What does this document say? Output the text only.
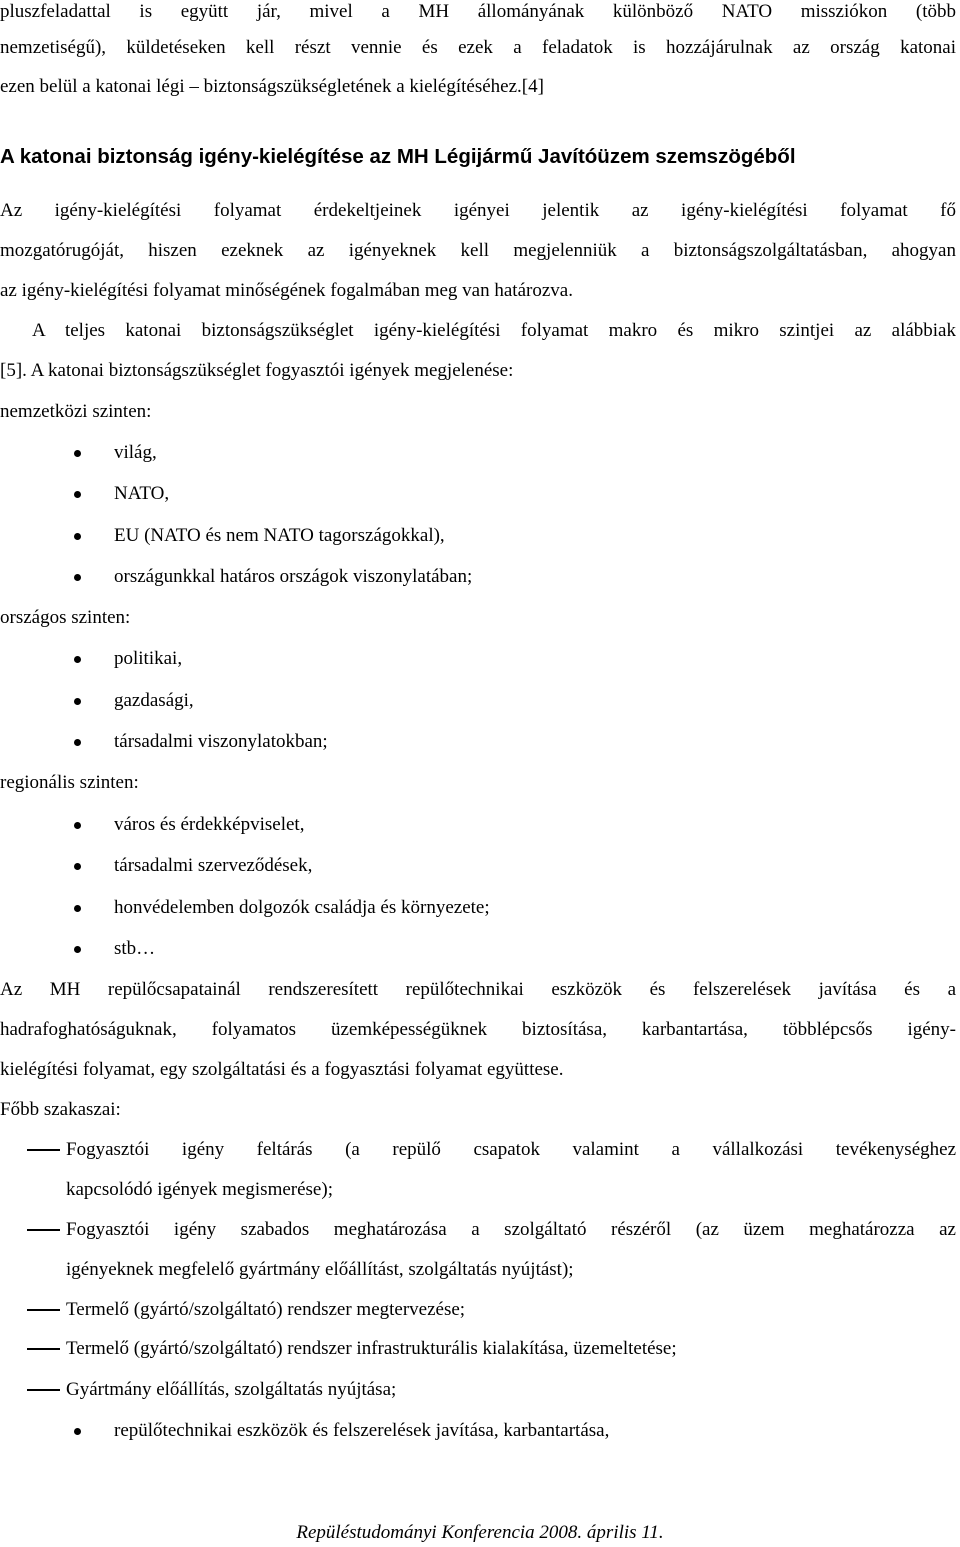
pluszfeladattal is együtt jár, mivel a MH állományának különböző NATO missziókon (több
nemzetiségű), küldetéseken kell részt vennie és ezek a feladatok is hozzájárulnak az ország katonai
ezen belül a katonai légi – biztonságszükségletének a kielégítéséhez.[4]
A katonai biztonság igény-kielégítése az MH Légijármű Javítóüzem szemszögéből
Az igény-kielégítési folyamat érdekeltjeinek igényei jelentik az igény-kielégítési folyamat fő
mozgatórugóját, hiszen ezeknek az igényeknek kell megjelenniük a biztonságszolgáltatásban, ahogyan
az igény-kielégítési folyamat minőségének fogalmában meg van határozva.
A teljes katonai biztonságszükséglet igény-kielégítési folyamat makro és mikro szintjei az alábbiak
[5]. A katonai biztonságszükséglet fogyasztói igények megjelenése:
nemzetközi szinten:
világ,
NATO,
EU (NATO és nem NATO tagországokkal),
országunkkal határos országok viszonylatában;
országos szinten:
politikai,
gazdasági,
társadalmi viszonylatokban;
regionális szinten:
város és érdekképviselet,
társadalmi szerveződések,
honvédelemben dolgozók családja és környezete;
stb…
Az MH repülőcsapatainál rendszeresített repülőtechnikai eszközök és felszerelések javítása és a
hadrafoghatóságuknak, folyamatos üzemképességüknek biztosítása, karbantartása, többlépcsős igény-
kielégítési folyamat, egy szolgáltatási és a fogyasztási folyamat együttese.
Főbb szakaszai:
Fogyasztói igény feltárás (a repülő csapatok valamint a vállalkozási tevékenységhez
kapcsolódó igények megismerése);
Fogyasztói igény szabados meghatározása a szolgáltató részéről (az üzem meghatározza az
igényeknek megfelelő gyártmány előállítást, szolgáltatás nyújtást);
Termelő (gyártó/szolgáltató) rendszer megtervezése;
Termelő (gyártó/szolgáltató) rendszer infrastrukturális kialakítása, üzemeltetése;
Gyártmány előállítás, szolgáltatás nyújtása;
repülőtechnikai eszközök és felszerelések javítása, karbantartása,
Repüléstudományi Konferencia 2008. április 11.
